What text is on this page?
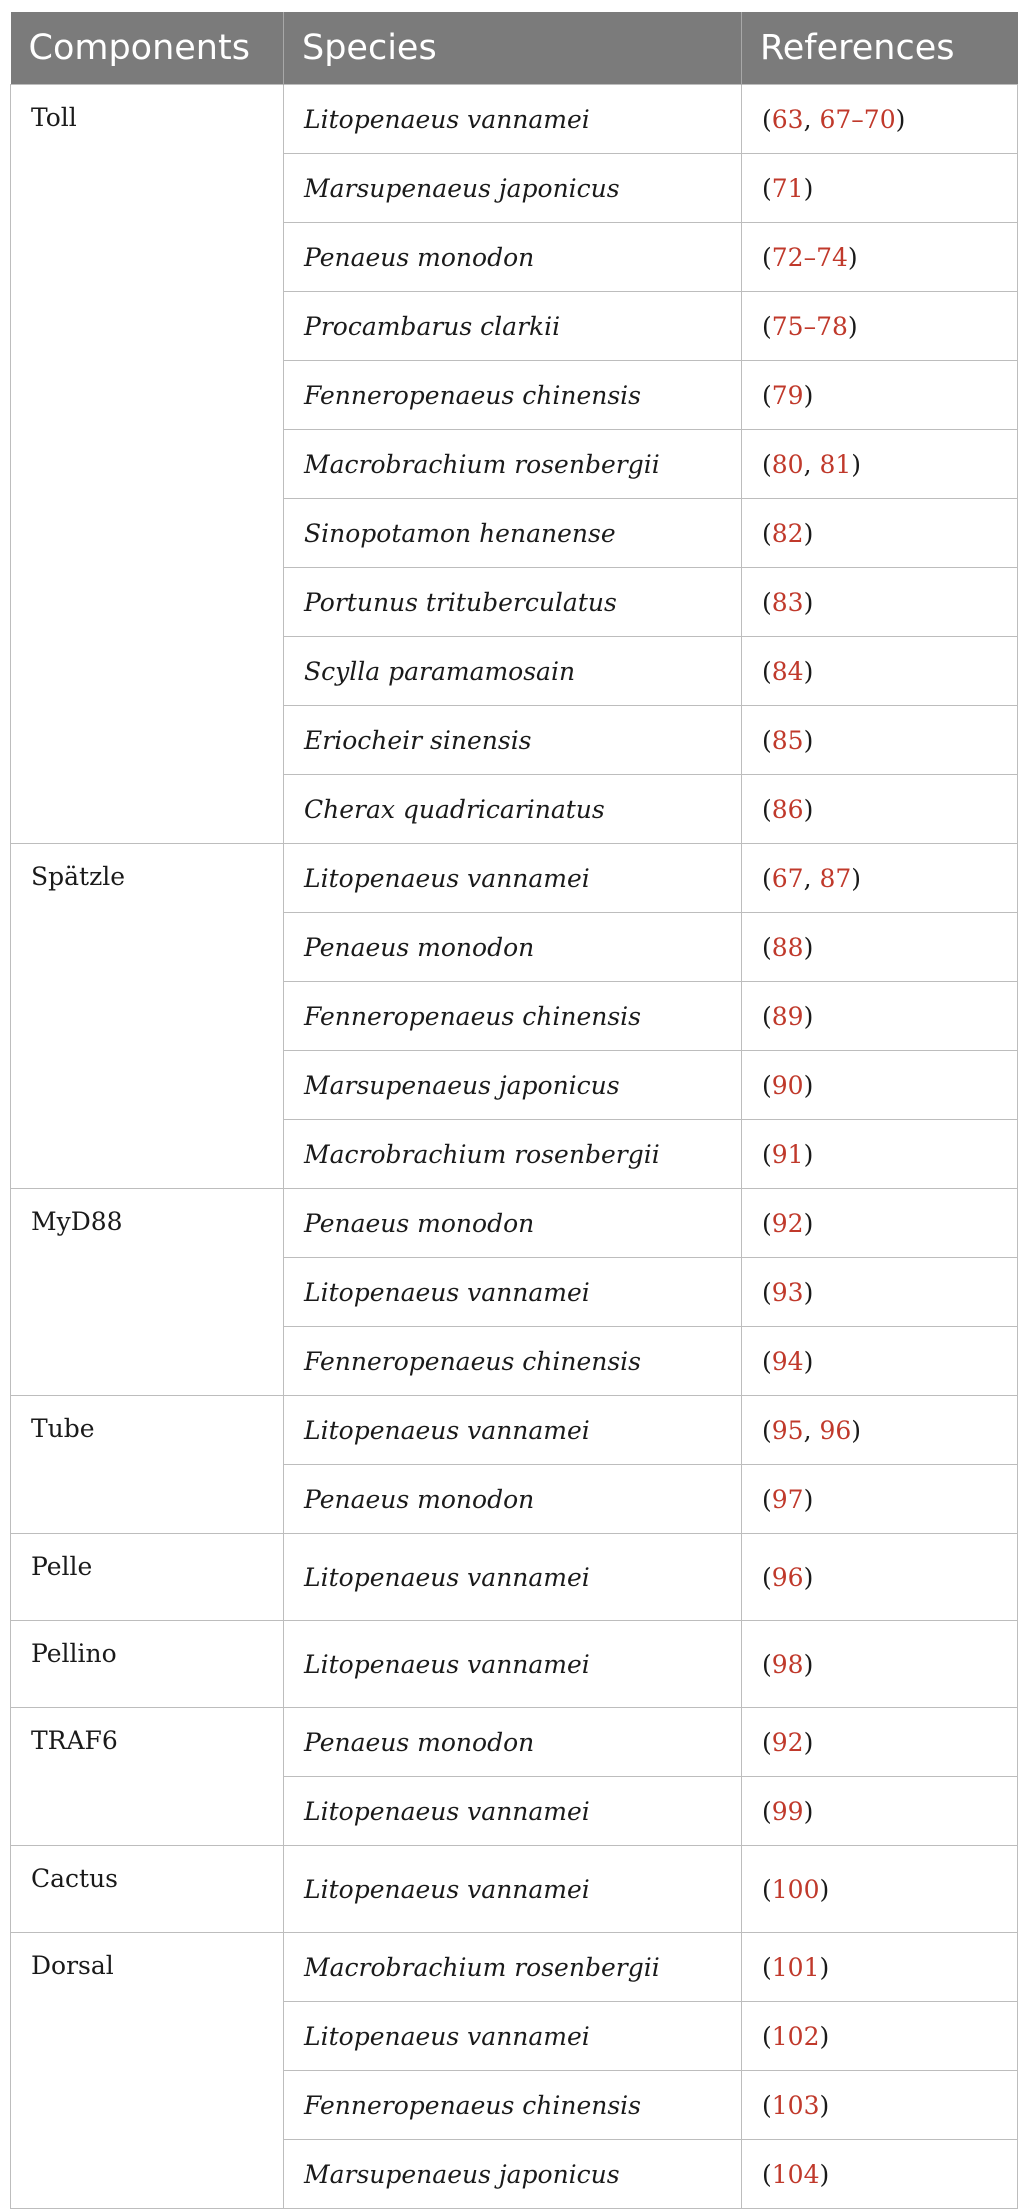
Components	Species	References
Toll	Litopenaeus vannamei	(63, 67–70)
	Marsupenaeus japonicus	(71)
	Penaeus monodon	(72–74)
	Procambarus clarkii	(75–78)
	Fenneropenaeus chinensis	(79)
	Macrobrachium rosenbergii	(80, 81)
	Sinopotamon henanense	(82)
	Portunus trituberculatus	(83)
	Scylla paramamosain	(84)
	Eriocheir sinensis	(85)
	Cherax quadricarinatus	(86)
Spätzle	Litopenaeus vannamei	(67, 87)
	Penaeus monodon	(88)
	Fenneropenaeus chinensis	(89)
	Marsupenaeus japonicus	(90)
	Macrobrachium rosenbergii	(91)
MyD88	Penaeus monodon	(92)
	Litopenaeus vannamei	(93)
	Fenneropenaeus chinensis	(94)
Tube	Litopenaeus vannamei	(95, 96)
	Penaeus monodon	(97)
Pelle	Litopenaeus vannamei	(96)
Pellino	Litopenaeus vannamei	(98)
TRAF6	Penaeus monodon	(92)
	Litopenaeus vannamei	(99)
Cactus	Litopenaeus vannamei	(100)
Dorsal	Macrobrachium rosenbergii	(101)
	Litopenaeus vannamei	(102)
	Fenneropenaeus chinensis	(103)
	Marsupenaeus japonicus	(104)
